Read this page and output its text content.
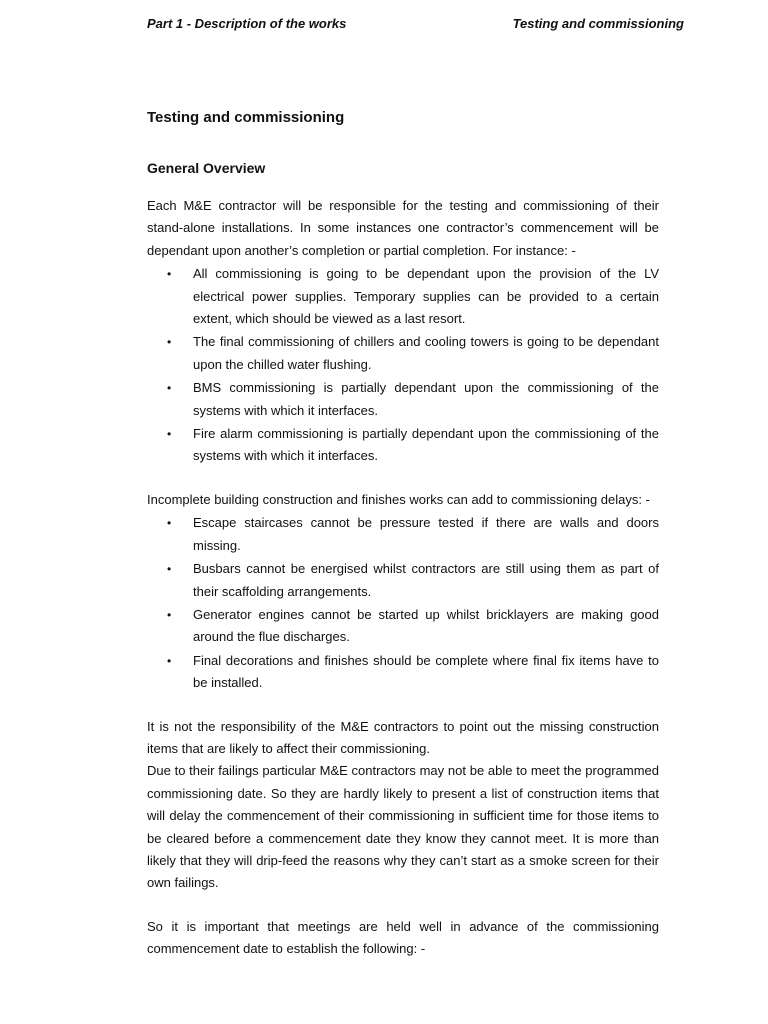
Part 1 - Description of the works	Testing and commissioning
Testing and commissioning
General Overview

Each M&E contractor will be responsible for the testing and commissioning of their stand-alone installations. In some instances one contractor’s commencement will be dependant upon another’s completion or partial completion. For instance: -

• All commissioning is going to be dependant upon the provision of the LV electrical power supplies. Temporary supplies can be provided to a certain extent, which should be viewed as a last resort.
• The final commissioning of chillers and cooling towers is going to be dependant upon the chilled water flushing.
• BMS commissioning is partially dependant upon the commissioning of the systems with which it interfaces.
• Fire alarm commissioning is partially dependant upon the commissioning of the systems with which it interfaces.

Incomplete building construction and finishes works can add to commissioning delays: -

• Escape staircases cannot be pressure tested if there are walls and doors missing.
• Busbars cannot be energised whilst contractors are still using them as part of their scaffolding arrangements.
• Generator engines cannot be started up whilst bricklayers are making good around the flue discharges.
• Final decorations and finishes should be complete where final fix items have to be installed.

It is not the responsibility of the M&E contractors to point out the missing construction items that are likely to affect their commissioning.

Due to their failings particular M&E contractors may not be able to meet the programmed commissioning date. So they are hardly likely to present a list of construction items that will delay the commencement of their commissioning in sufficient time for those items to be cleared before a commencement date they know they cannot meet. It is more than likely that they will drip-feed the reasons why they can’t start as a smoke screen for their own failings.

So it is important that meetings are held well in advance of the commissioning commencement date to establish the following: -
